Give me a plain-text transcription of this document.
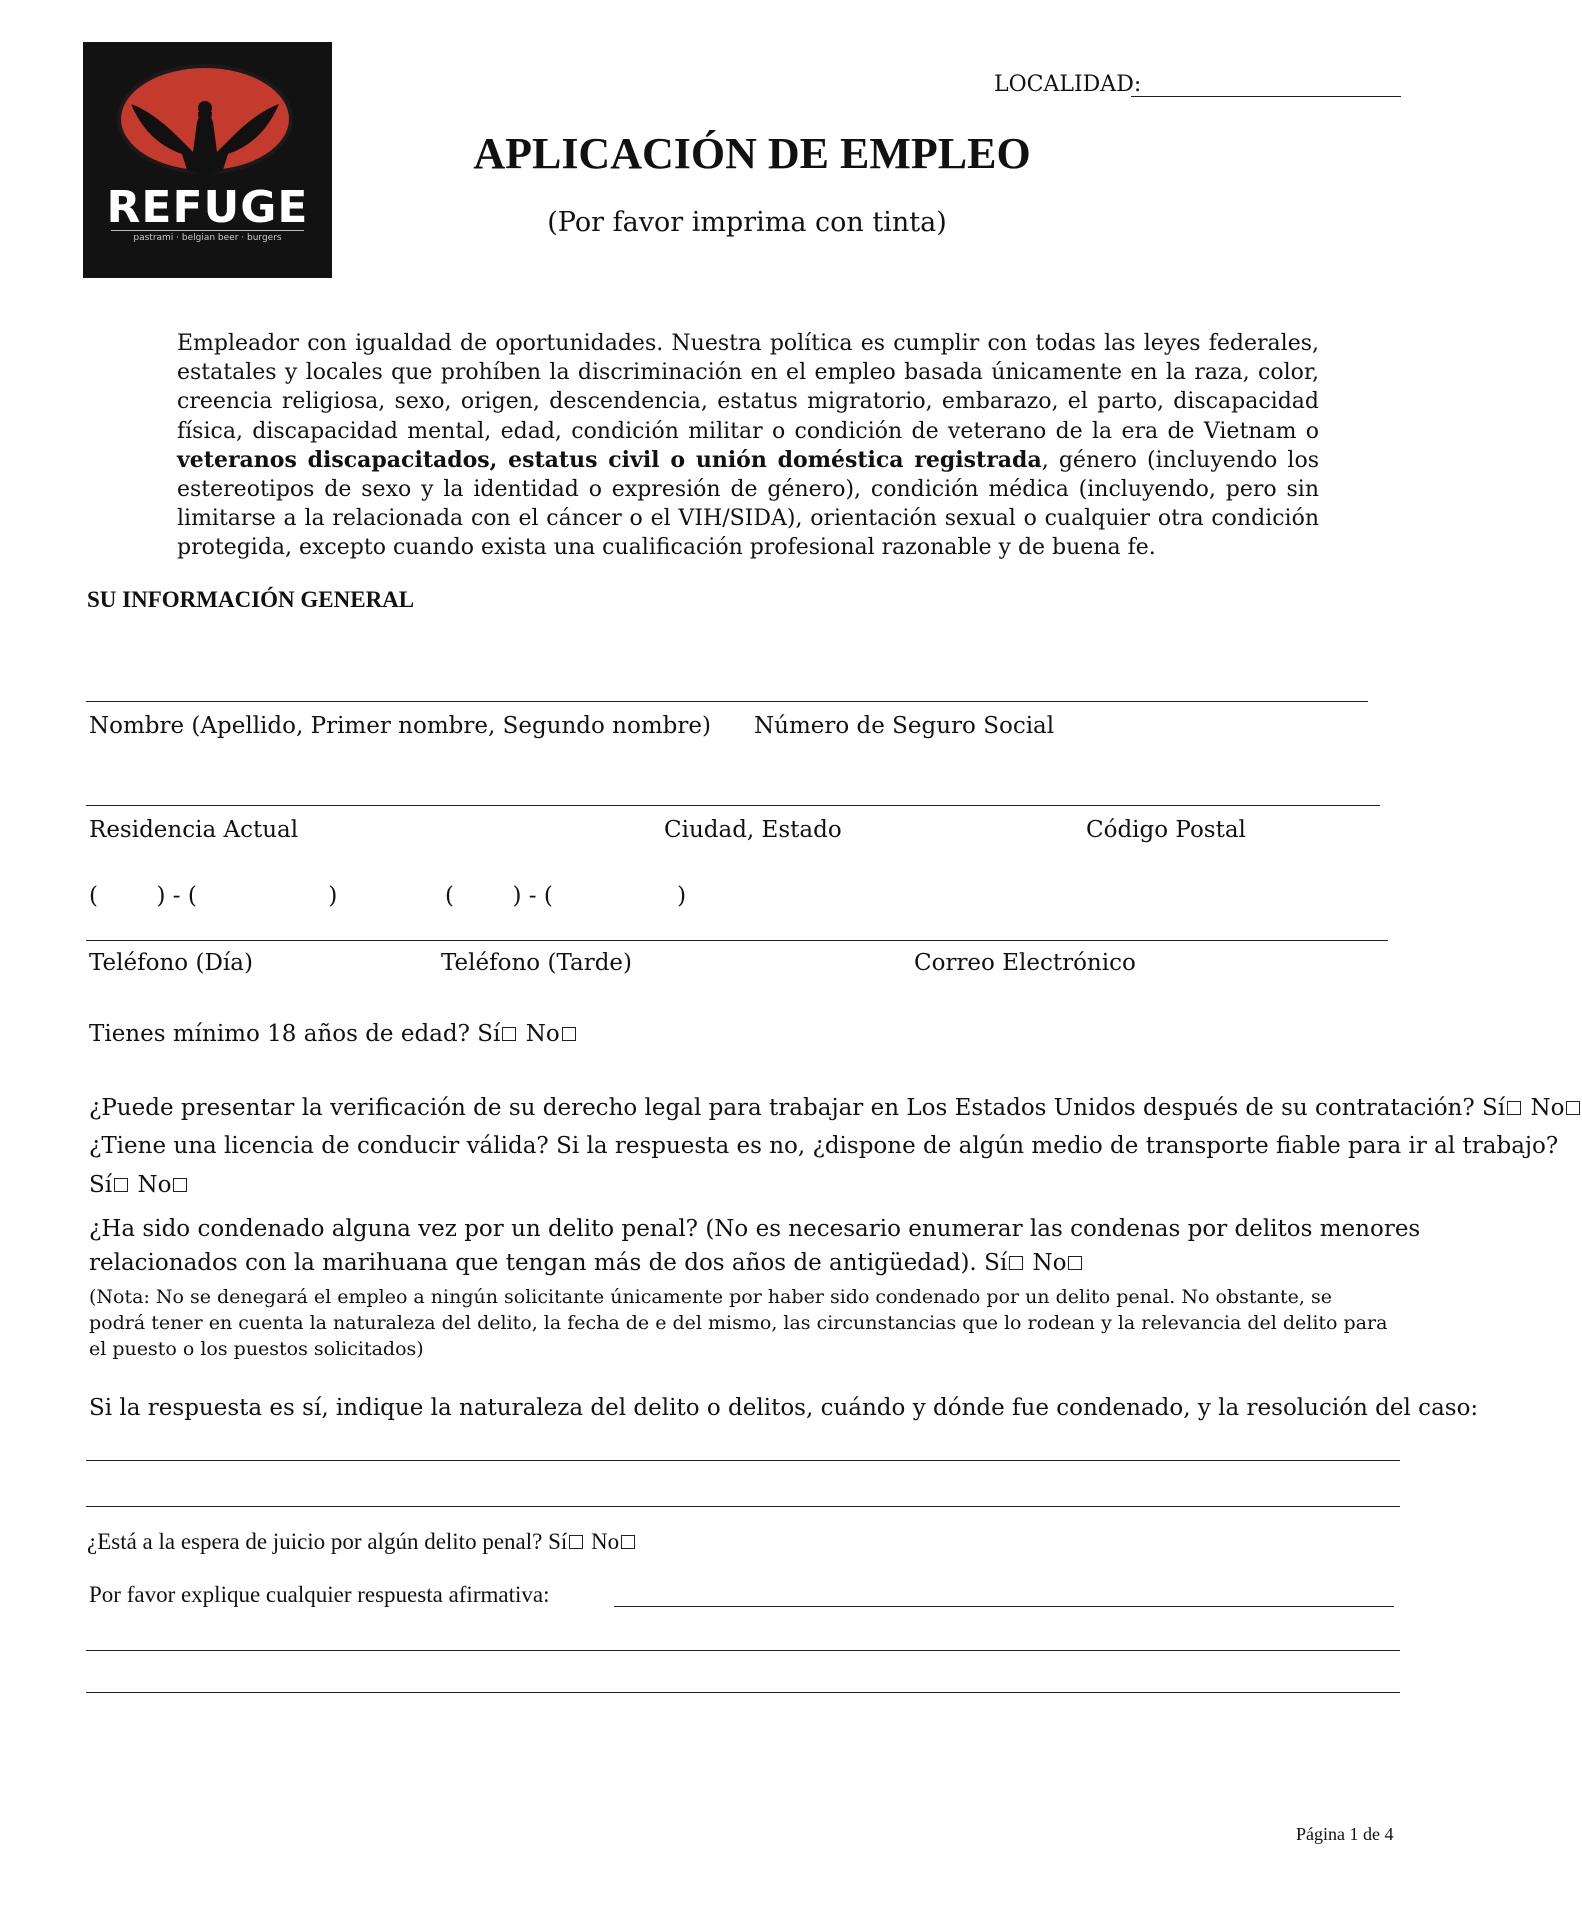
REFUGE
pastrami · belgian beer · burgers
LOCALIDAD:
APLICACIÓN DE EMPLEO
(Por favor imprima con tinta)
Empleador con igualdad de oportunidades. Nuestra política es cumplir con todas las leyes federales, estatales y locales que prohíben la discriminación en el empleo basada únicamente en la raza, color, creencia religiosa, sexo, origen, descendencia, estatus migratorio, embarazo, el parto, discapacidad física, discapacidad mental, edad, condición militar o condición de veterano de la era de Vietnam o veteranos discapacitados, estatus civil o unión doméstica registrada, género (incluyendo los estereotipos de sexo y la identidad o expresión de género), condición médica (incluyendo, pero sin limitarse a la relacionada con el cáncer o el VIH/SIDA), orientación sexual o cualquier otra condición protegida, excepto cuando exista una cualificación profesional razonable y de buena fe.
SU INFORMACIÓN GENERAL
Nombre (Apellido, Primer nombre, Segundo nombre) Número de Seguro Social
Residencia Actual	Ciudad, Estado	Código Postal
(        ) - (                  )	(        ) - (                 )
Teléfono (Día)	Teléfono (Tarde)	Correo Electrónico
Tienes mínimo 18 años de edad? Sí No
¿Puede presentar la verificación de su derecho legal para trabajar en Los Estados Unidos después de su contratación? Sí No
¿Tiene una licencia de conducir válida? Si la respuesta es no, ¿dispone de algún medio de transporte fiable para ir al trabajo?
Sí No
¿Ha sido condenado alguna vez por un delito penal? (No es necesario enumerar las condenas por delitos menores
relacionados con la marihuana que tengan más de dos años de antigüedad). Sí No
(Nota: No se denegará el empleo a ningún solicitante únicamente por haber sido condenado por un delito penal. No obstante, se podrá tener en cuenta la naturaleza del delito, la fecha de e del mismo, las circunstancias que lo rodean y la relevancia del delito para el puesto o los puestos solicitados)
Si la respuesta es sí, indique la naturaleza del delito o delitos, cuándo y dónde fue condenado, y la resolución del caso:
¿Está a la espera de juicio por algún delito penal? Sí No
Por favor explique cualquier respuesta afirmativa:
Página 1 de 4
